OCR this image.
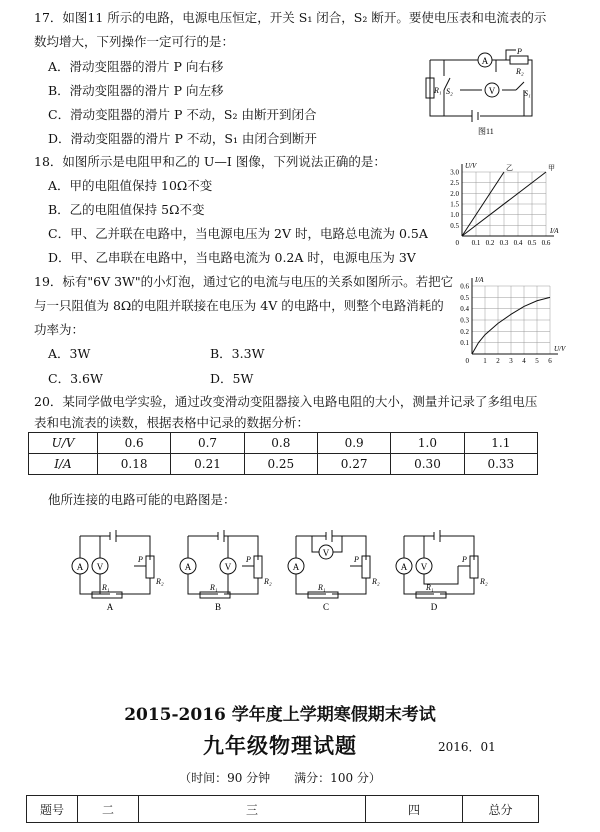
17．如图11 所示的电路，电源电压恒定，开关 S₁ 闭合，S₂ 断开。要使电压表和电流表的示
数均增大，下列操作一定可行的是：
A．滑动变阻器的滑片 P 向右移
B．滑动变阻器的滑片 P 向左移
C．滑动变阻器的滑片 P 不动，S₂ 由断开到闭合
D．滑动变阻器的滑片 P 不动，S₁ 由闭合到断开
A
V
P
R₂
R₁ S₂	S₁
图11
18．如图所示是电阻甲和乙的 U—I 图像，下列说法正确的是：
A．甲的电阻值保持 10Ω不变
B．乙的电阻值保持 5Ω不变
C．甲、乙并联在电路中，当电源电压为 2V 时，电路总电流为 0.5A
D．甲、乙串联在电路中，当电路电流为 0.2A 时，电源电压为 3V
0.1 0.2 0.3 0.4 0.5 0.6
0.5
1.0
1.5
2.0
2.5
3.0
0
I/A
U/V	乙	甲
19．标有"6V 3W"的小灯泡，通过它的电流与电压的关系如图所示。若把它
与一只阻值为 8Ω的电阻并联接在电压为 4V 的电路中，则整个电路消耗的
功率为：
A．3W	B．3.3W
C．3.6W	D．5W
1 2 3 4 5 6
0.1
0.2
0.3
0.4
0.5
0.6
0
U/V
I/A
20．某同学做电学实验，通过改变滑动变阻器接入电路电阻的大小，测量并记录了多组电压
表和电流表的读数，根据表格中记录的数据分析：
U/V	0.6	0.7	0.8	0.9	1.0	1.1
I/A	0.18	0.21	0.25	0.27	0.30	0.33
他所连接的电路可能的电路图是：
A V
R₁
R₂
P
A
A	V
R₁
R₂
P
B
A
V
R₁
R₂
P
C
A V
R₁
R₂
P
D
2015-2016 学年度上学期寒假期末考试
九年级物理试题	2016．01
（时间：90 分钟　　满分：100 分）
题号	二	三	四	总分
